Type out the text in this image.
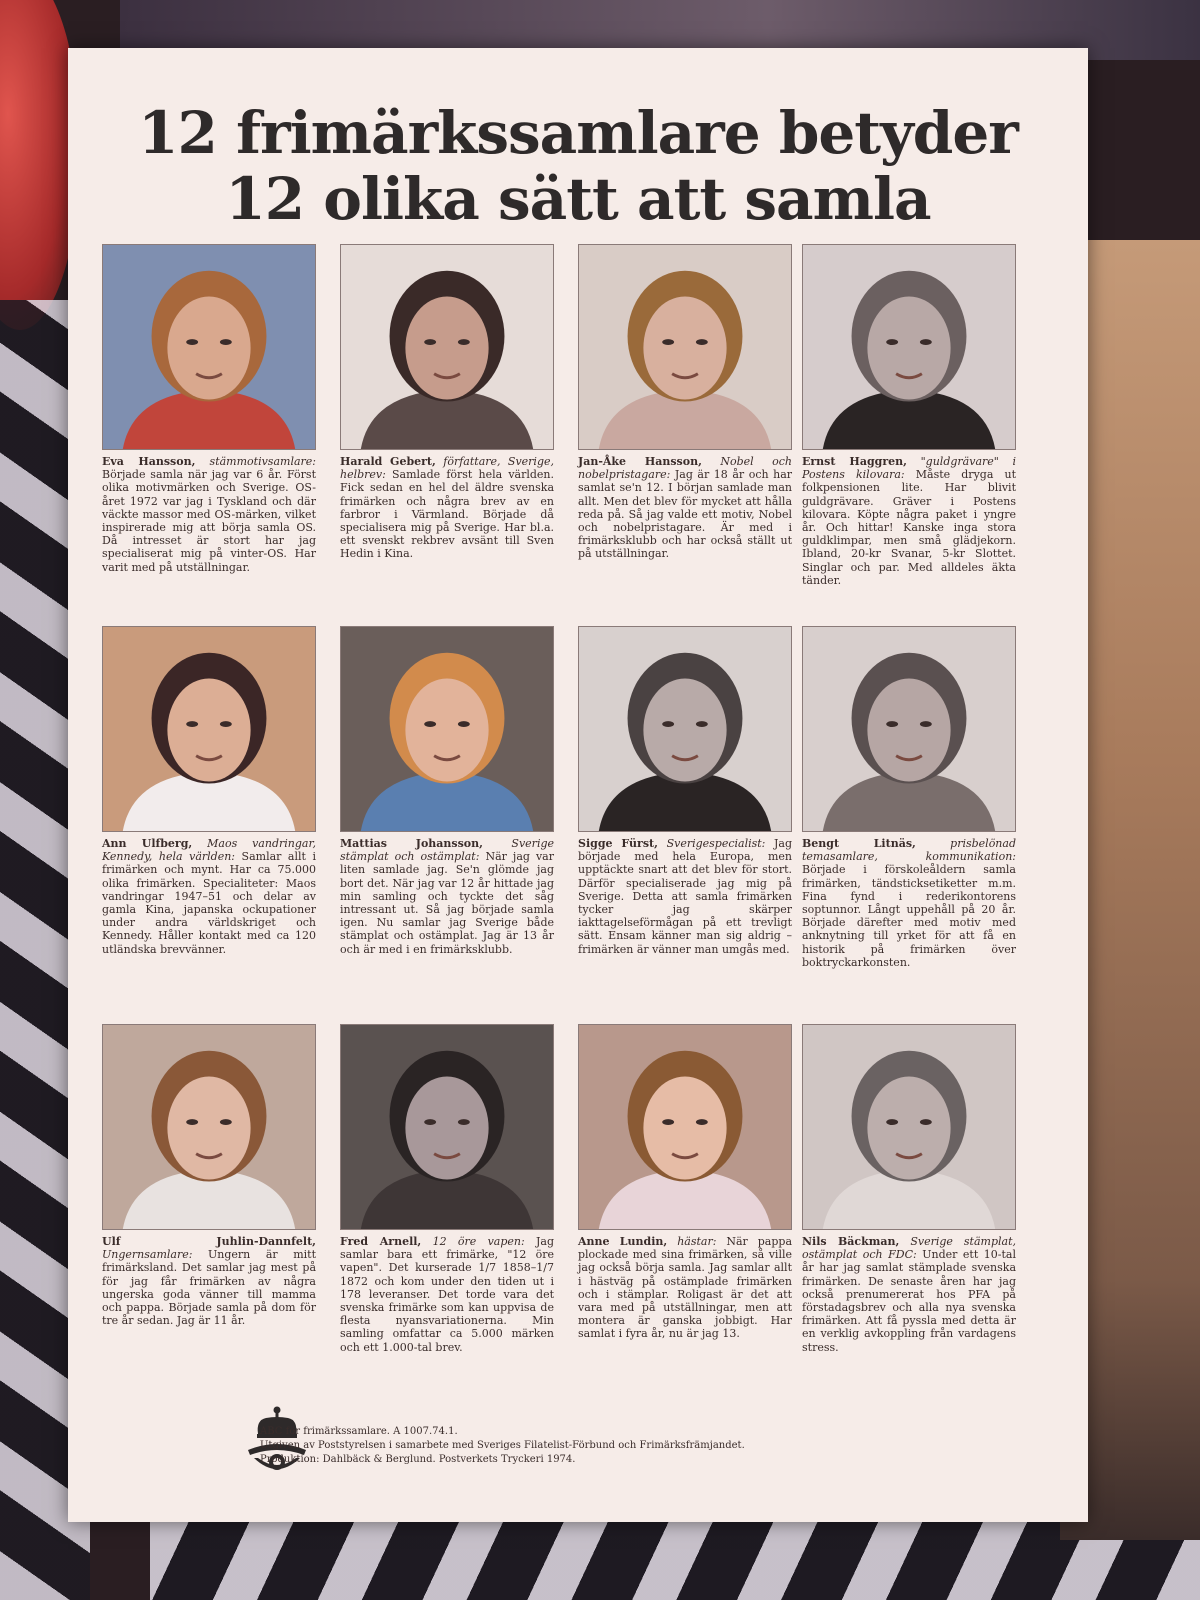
12 frimärkssamlare betyder
12 olika sätt att samla
Eva Hansson, stämmotivsamlare: Började samla när jag var 6 år. Först olika motivmärken och Sverige. OS-året 1972 var jag i Tyskland och där väckte massor med OS-märken, vilket inspirerade mig att börja samla OS. Då intresset är stort har jag specialiserat mig på vinter-OS. Har varit med på utställningar.
Harald Gebert, författare, Sverige, helbrev: Samlade först hela världen. Fick sedan en hel del äldre svenska frimärken och några brev av en farbror i Värmland. Började då specialisera mig på Sverige. Har bl.a. ett svenskt rekbrev avsänt till Sven Hedin i Kina.
Jan-Åke Hansson, Nobel och nobelpristagare: Jag är 18 år och har samlat se'n 12. I början samlade man allt. Men det blev för mycket att hålla reda på. Så jag valde ett motiv, Nobel och nobelpristagare. Är med i frimärksklubb och har också ställt ut på utställningar.
Ernst Haggren, "guldgrävare" i Postens kilovara: Måste dryga ut folkpensionen lite. Har blivit guldgrävare. Gräver i Postens kilovara. Köpte några paket i yngre år. Och hittar! Kanske inga stora guldklimpar, men små glädjekorn. Ibland, 20-kr Svanar, 5-kr Slottet. Singlar och par. Med alldeles äkta tänder.
Ann Ulfberg, Maos vandringar, Kennedy, hela världen: Samlar allt i frimärken och mynt. Har ca 75.000 olika frimärken. Specialiteter: Maos vandringar 1947–51 och delar av gamla Kina, japanska ockupationer under andra världskriget och Kennedy. Håller kontakt med ca 120 utländska brevvänner.
Mattias Johansson,	Sverige stämplat och ostämplat: När jag var liten samlade jag. Se'n glömde jag bort det. När jag var 12 år hittade jag min samling och tyckte det såg intressant ut. Så jag började samla igen. Nu samlar jag Sverige både stämplat och ostämplat. Jag är 13 år och är med i en frimärksklubb.
Sigge Fürst, Sverigespecialist: Jag började med hela Europa, men upptäckte snart att det blev för stort. Därför specialiserade jag mig på Sverige. Detta att samla frimärken tycker jag skärper iakttagelseförmågan på ett trevligt sätt. Ensam känner man sig aldrig – frimärken är vänner man umgås med.
Bengt Litnäs,	prisbelönad temasamlare, kommunikation: Började i förskoleåldern samla frimärken, tändsticksetiketter m.m. Fina fynd i rederikontorens soptunnor. Långt uppehåll på 20 år. Började därefter med motiv med anknytning till yrket för att få en historik på frimärken över boktryckarkonsten.
Ulf Juhlin-Dannfelt, Ungernsamlare: Ungern är mitt frimärksland. Det samlar jag mest på för jag får frimärken av några ungerska goda vänner till mamma och pappa. Började samla på dom för tre år sedan. Jag är 11 år.
Fred Arnell, 12 öre vapen: Jag samlar bara ett frimärke, "12 öre vapen". Det kurserade 1/7 1858–1/7 1872 och kom under den tiden ut i 178 leveranser. Det torde vara det svenska frimärke som kan uppvisa de flesta nyansvariationerna. Min samling omfattar ca 5.000 märken och ett 1.000-tal brev.
Anne Lundin, hästar: När pappa plockade med sina frimärken, så ville jag också börja samla. Jag samlar allt i hästväg på ostämplade frimärken och i stämplar. Roligast är det att vara med på utställningar, men att montera är ganska jobbigt. Har samlat i fyra år, nu är jag 13.
Nils Bäckman, Sverige stämplat, ostämplat och FDC: Under ett 10-tal år har jag samlat stämplade svenska frimärken. De senaste åren har jag också prenumererat hos PFA på förstadagsbrev och alla nya svenska frimärken. Att få pyssla med detta är en verklig avkoppling från vardagens stress.
ABC för frimärkssamlare. A 1007.74.1.
Utgiven av Poststyrelsen i samarbete med Sveriges Filatelist-Förbund och Frimärksfrämjandet.
Produktion: Dahlbäck & Berglund. Postverkets Tryckeri 1974.
